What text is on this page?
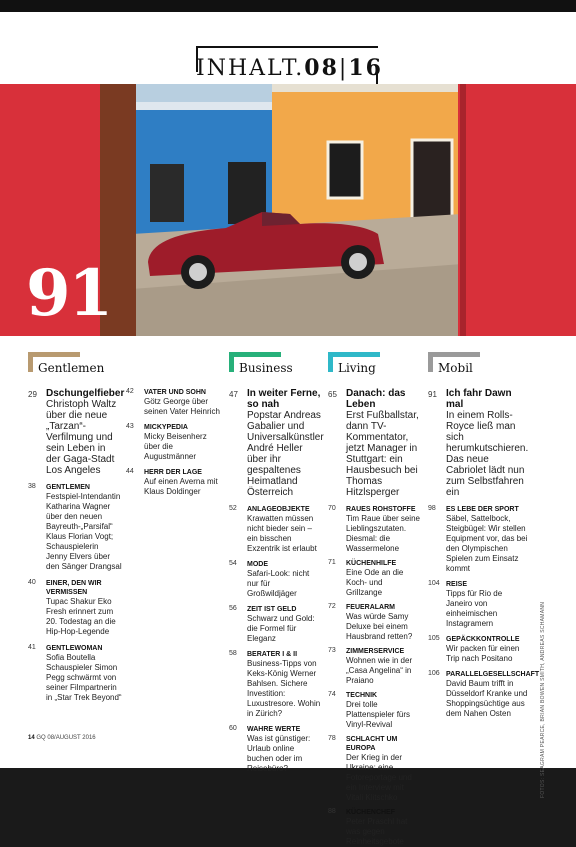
INHALT.08|16
91
Gentlemen	Business	Living	Mobil
29 Dschungelfieber
Christoph Waltz über die neue „Tarzan“-Verfilmung und sein Leben in der Gaga-Stadt Los Angeles
38 GENTLEMEN
Festspiel-Intendantin Katharina Wagner über den neuen Bayreuth-„Parsifal“ Klaus Florian Vogt; Schauspielerin Jenny Elvers über den Sänger Drangsal
40 EINER, DEN WIR VERMISSEN
Tupac Shakur Eko Fresh erinnert zum 20. Todestag an die Hip-Hop-Legende
41 GENTLEWOMAN
Sofia Boutella Schauspieler Simon Pegg schwärmt von seiner Filmpartnerin in „Star Trek Beyond“
42 VATER UND SOHN
Götz George über seinen Vater Heinrich
43 MICKYPEDIA
Micky Beisenherz über die Augustmänner
44 HERR DER LAGE
Auf einen Averna mit Klaus Doldinger
47 In weiter Ferne, so nah
Popstar Andreas Gabalier und Universalkünstler André Heller über ihr gespaltenes Heimatland Österreich
52 ANLAGEOBJEKTE
Krawatten müssen nicht bieder sein – ein bisschen Exzentrik ist erlaubt
54 MODE
Safari-Look: nicht nur für Großwildjäger
56 ZEIT IST GELD
Schwarz und Gold: die Formel für Eleganz
58 BERATER I & II
Business-Tipps von Keks-König Werner Bahlsen. Sichere Investition: Luxustresore. Wohin in Zürich?
60 WAHRE WERTE
Was ist günstiger: Urlaub online buchen oder im Reisebüro?
65 Danach: das Leben
Erst Fußballstar, dann TV-Kommentator, jetzt Manager in Stuttgart: ein Hausbesuch bei Thomas Hitzlsperger
70 RAUES ROHSTOFFE
Tim Raue über seine Lieblingszutaten. Diesmal: die Wassermelone
71 KÜCHENHILFE
Eine Ode an die Koch- und Grillzange
72 FEUERALARM
Was würde Samy Deluxe bei einem Hausbrand retten?
73 ZIMMERSERVICE
Wohnen wie in der „Casa Angelina“ in Praiano
74 TECHNIK
Drei tolle Plattenspieler fürs Vinyl-Revival
78 SCHLACHT UM EUROPA
Der Krieg in der Ukraine: eine Fotoreportage und ein Interview mit Vitali Klitschko
88 KÜCHENCHEF
Peter Praschl hat was gegen Reinheitsgebote
91 Ich fahr Dawn mal
In einem Rolls-Royce ließ man sich herumkutschieren. Das neue Cabriolet lädt nun zum Selbstfahren ein
98 ES LEBE DER SPORT
Säbel, Sattelbock, Steigbügel: Wir stellen Equipment vor, das bei den Olympischen Spielen zum Einsatz kommt
104 REISE
Tipps für Rio de Janeiro von einheimischen Instagramern
105 GEPÄCKKONTROLLE
Wir packen für einen Trip nach Positano
106 PARALLELGESELLSCHAFT
David Baum trifft in Düsseldorf Kranke und Shoppingsüchtige aus dem Nahen Osten	FOTOS: SEAGRAM PEARCE, BRIAN BOWEN SMITH, ANDREAS SCHAMANN
14 GQ 08/AUGUST 2016
